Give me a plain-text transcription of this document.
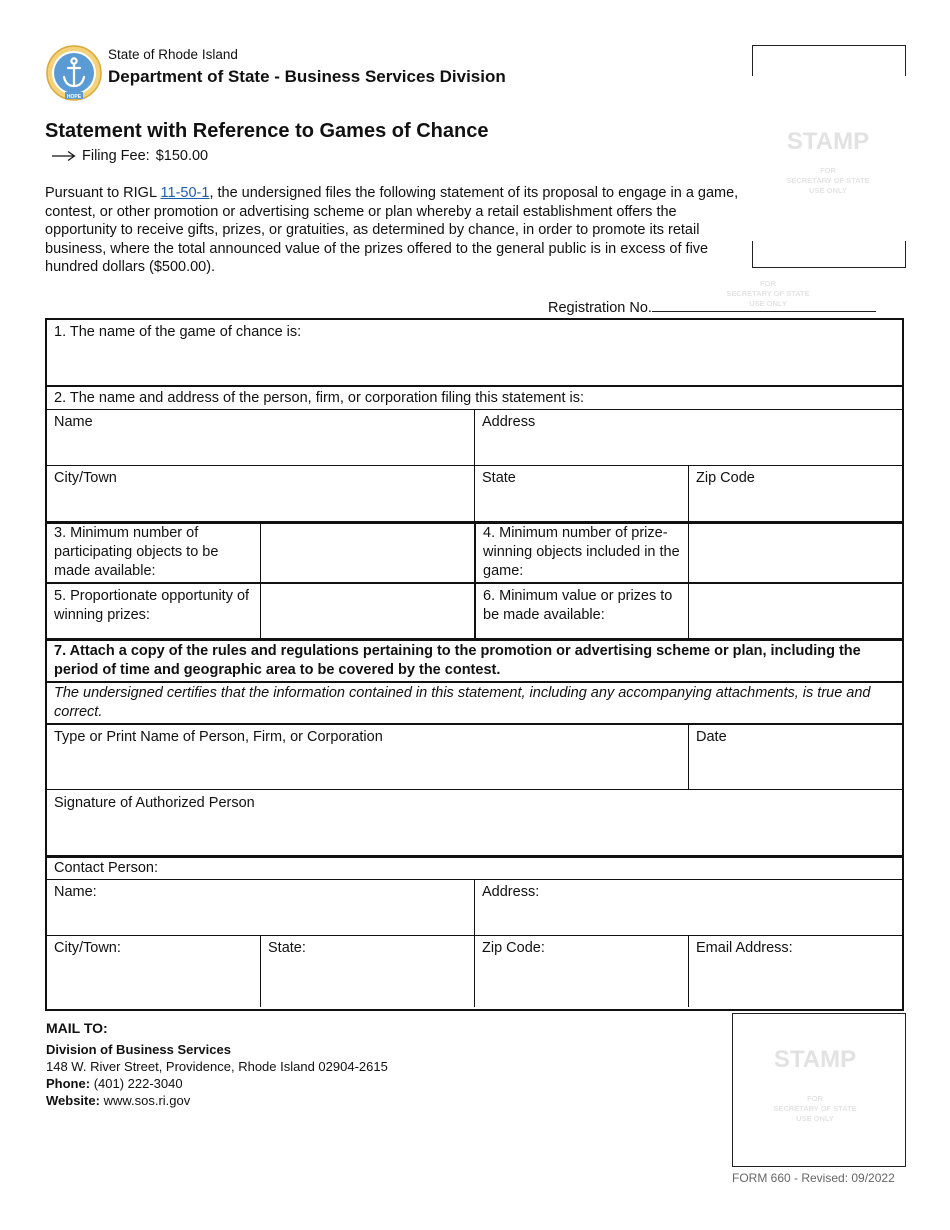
HOPE
State of Rhode Island
Department of State - Business Services Division
STAMP
FOR
SECRETARY OF STATE
USE ONLY
FOR
SECRETARY OF STATE
USE ONLY
Statement with Reference to Games of Chance
Filing Fee: $150.00
Pursuant to RIGL 11-50-1, the undersigned files the following statement of its proposal to engage in a game, contest, or other promotion or advertising scheme or plan whereby a retail establishment offers the opportunity to receive gifts, prizes, or gratuities, as determined by chance, in order to promote its retail business, where the total announced value of the prizes offered to the general public is in excess of five hundred dollars ($500.00).
Registration No.
1. The name of the game of chance is:
2. The name and address of the person, firm, or corporation filing this statement is:
Name	Address
City/Town	State	Zip Code
3. Minimum number of participating objects to be made available:
4. Minimum number of prize-winning objects included in the game:
5. Proportionate opportunity of winning prizes:
6. Minimum value or prizes to be made available:
7. Attach a copy of the rules and regulations pertaining to the promotion or advertising scheme or plan, including the period of time and geographic area to be covered by the contest.
The undersigned certifies that the information contained in this statement, including any accompanying attachments, is true and correct.
Type or Print Name of Person, Firm, or Corporation	Date
Signature of Authorized Person
Contact Person:
Name:	Address:
City/Town:	State:	Zip Code:	Email Address:
MAIL TO:
Division of Business Services
148 W. River Street, Providence, Rhode Island 02904-2615
Phone: (401) 222-3040
Website: www.sos.ri.gov
STAMP
FOR
SECRETARY OF STATE
USE ONLY
FORM 660 - Revised: 09/2022
